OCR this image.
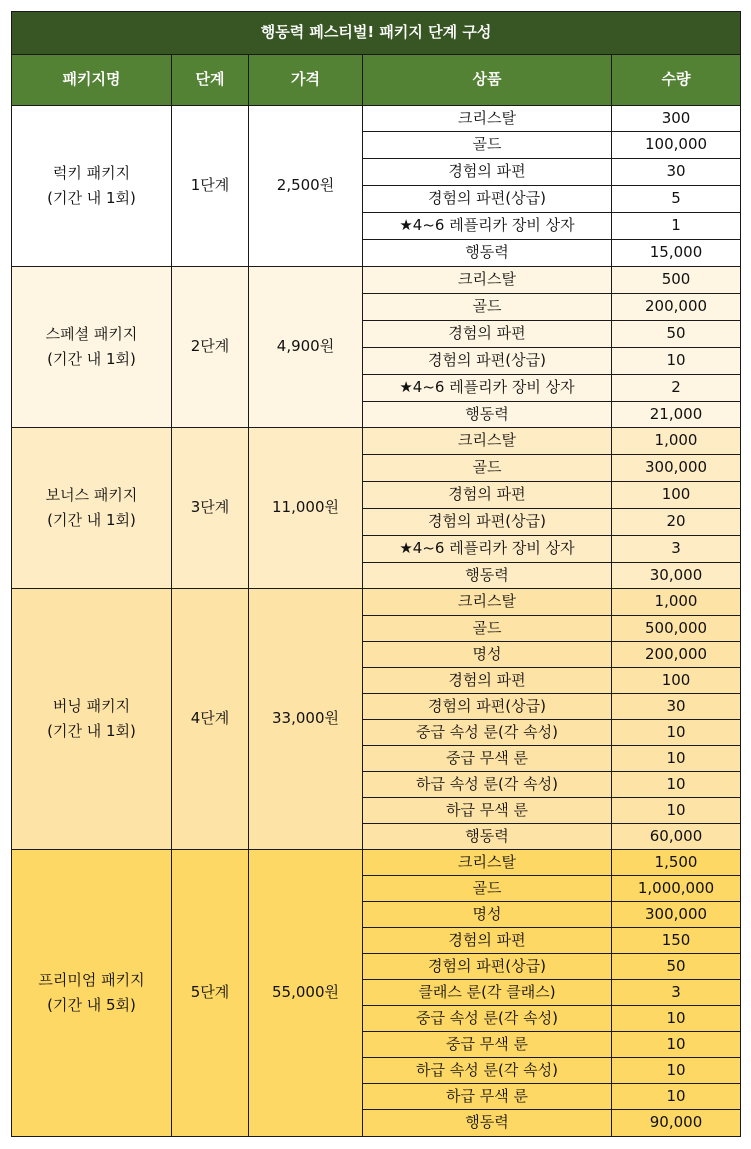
행동력 페스티벌! 패키지 단계 구성				
패키지명	단계	가격	상품	수량

럭키 패키지
(기간 내 1회)	1단계	2,500원	크리스탈	300
			골드	100,000
			경험의 파편	30
			경험의 파편(상급)	5
			★4~6 레플리카 장비 상자	1
			행동력	15,000

스페셜 패키지
(기간 내 1회)	2단계	4,900원	크리스탈	500
			골드	200,000
			경험의 파편	50
			경험의 파편(상급)	10
			★4~6 레플리카 장비 상자	2
			행동력	21,000

보너스 패키지
(기간 내 1회)	3단계	11,000원	크리스탈	1,000
			골드	300,000
			경험의 파편	100
			경험의 파편(상급)	20
			★4~6 레플리카 장비 상자	3
			행동력	30,000

버닝 패키지
(기간 내 1회)	4단계	33,000원	크리스탈	1,000
			골드	500,000
			명성	200,000
			경험의 파편	100
			경험의 파편(상급)	30
			중급 속성 룬(각 속성)	10
			중급 무색 룬	10
			하급 속성 룬(각 속성)	10
			하급 무색 룬	10
			행동력	60,000

프리미엄 패키지
(기간 내 5회)	5단계	55,000원	크리스탈	1,500
			골드	1,000,000
			명성	300,000
			경험의 파편	150
			경험의 파편(상급)	50
			클래스 룬(각 클래스)	3
			중급 속성 룬(각 속성)	10
			중급 무색 룬	10
			하급 속성 룬(각 속성)	10
			하급 무색 룬	10
			행동력	90,000
